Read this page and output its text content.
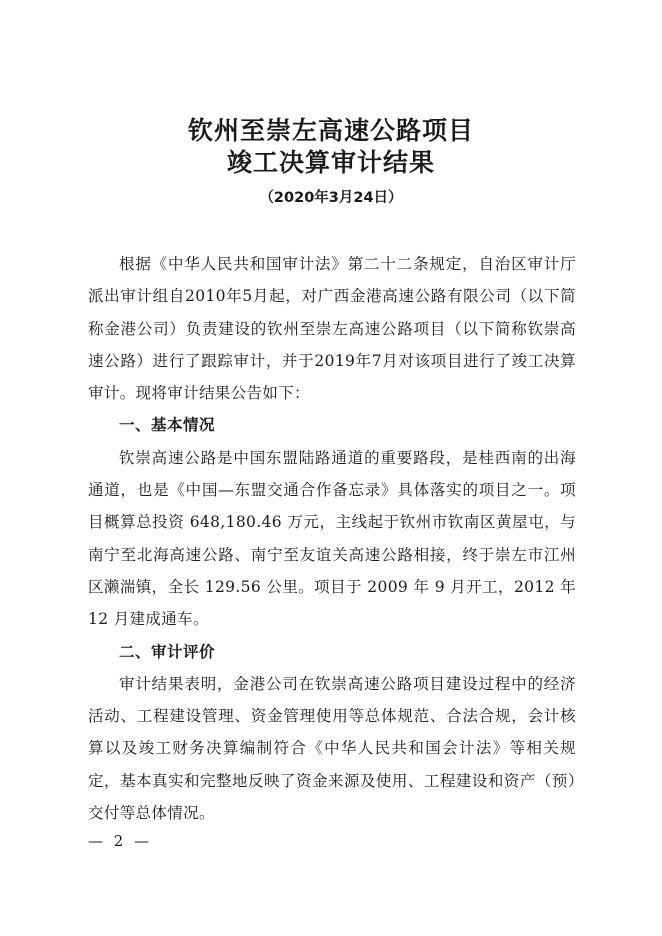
钦州至崇左高速公路项目
竣工决算审计结果
（2020年3月24日）

根据《中华人民共和国审计法》第二十二条规定，自治区审计厅派出审计组自2010年5月起，对广西金港高速公路有限公司（以下简称金港公司）负责建设的钦州至崇左高速公路项目（以下简称钦崇高速公路）进行了跟踪审计，并于2019年7月对该项目进行了竣工决算审计。现将审计结果公告如下：

一、基本情况

钦崇高速公路是中国东盟陆路通道的重要路段，是桂西南的出海通道，也是《中国—东盟交通合作备忘录》具体落实的项目之一。项目概算总投资 648,180.46 万元，主线起于钦州市钦南区黄屋屯，与南宁至北海高速公路、南宁至友谊关高速公路相接，终于崇左市江州区濑湍镇，全长 129.56 公里。项目于 2009 年 9 月开工，2012 年 12 月建成通车。

二、审计评价

审计结果表明，金港公司在钦崇高速公路项目建设过程中的经济活动、工程建设管理、资金管理使用等总体规范、合法合规，会计核算以及竣工财务决算编制符合《中华人民共和国会计法》等相关规定，基本真实和完整地反映了资金来源及使用、工程建设和资产（预）交付等总体情况。

— 2 —
